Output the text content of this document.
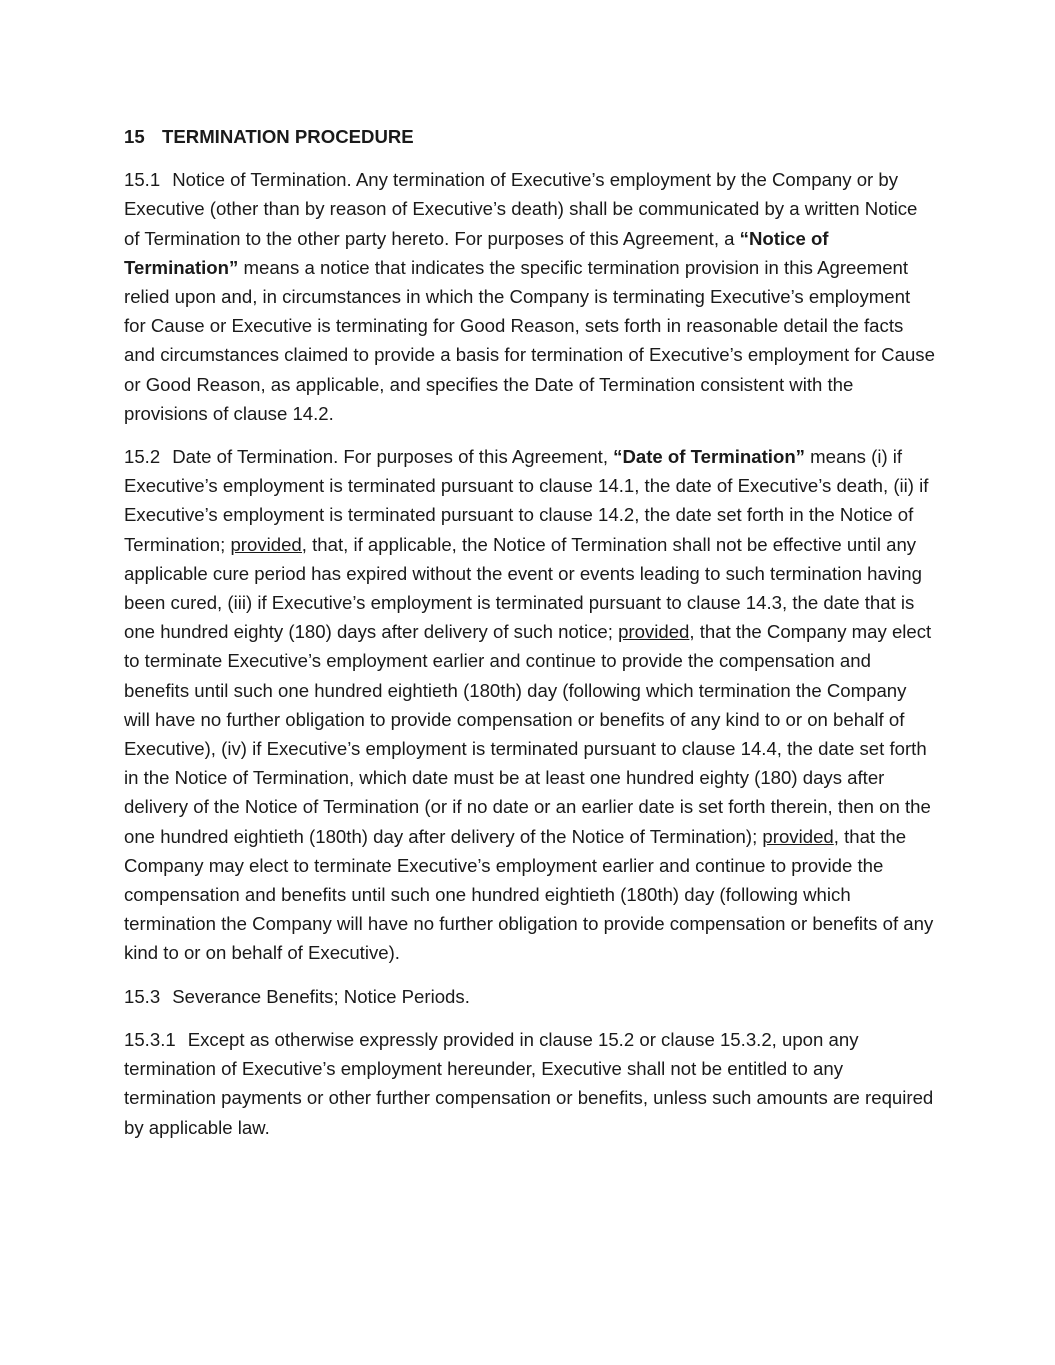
15 TERMINATION PROCEDURE

15.1 Notice of Termination. Any termination of Executive’s employment by the Company or by Executive (other than by reason of Executive’s death) shall be communicated by a written Notice of Termination to the other party hereto. For purposes of this Agreement, a “Notice of Termination” means a notice that indicates the specific termination provision in this Agreement relied upon and, in circumstances in which the Company is terminating Executive’s employment for Cause or Executive is terminating for Good Reason, sets forth in reasonable detail the facts and circumstances claimed to provide a basis for termination of Executive’s employment for Cause or Good Reason, as applicable, and specifies the Date of Termination consistent with the provisions of clause 14.2.

15.2 Date of Termination. For purposes of this Agreement, “Date of Termination” means (i) if Executive’s employment is terminated pursuant to clause 14.1, the date of Executive’s death, (ii) if Executive’s employment is terminated pursuant to clause 14.2, the date set forth in the Notice of Termination; provided, that, if applicable, the Notice of Termination shall not be effective until any applicable cure period has expired without the event or events leading to such termination having been cured, (iii) if Executive’s employment is terminated pursuant to clause 14.3, the date that is one hundred eighty (180) days after delivery of such notice; provided, that the Company may elect to terminate Executive’s employment earlier and continue to provide the compensation and benefits until such one hundred eightieth (180th) day (following which termination the Company will have no further obligation to provide compensation or benefits of any kind to or on behalf of Executive), (iv) if Executive’s employment is terminated pursuant to clause 14.4, the date set forth in the Notice of Termination, which date must be at least one hundred eighty (180) days after delivery of the Notice of Termination (or if no date or an earlier date is set forth therein, then on the one hundred eightieth (180th) day after delivery of the Notice of Termination); provided, that the Company may elect to terminate Executive’s employment earlier and continue to provide the compensation and benefits until such one hundred eightieth (180th) day (following which termination the Company will have no further obligation to provide compensation or benefits of any kind to or on behalf of Executive).

15.3 Severance Benefits; Notice Periods.

15.3.1 Except as otherwise expressly provided in clause 15.2 or clause 15.3.2, upon any termination of Executive’s employment hereunder, Executive shall not be entitled to any termination payments or other further compensation or benefits, unless such amounts are required by applicable law.
